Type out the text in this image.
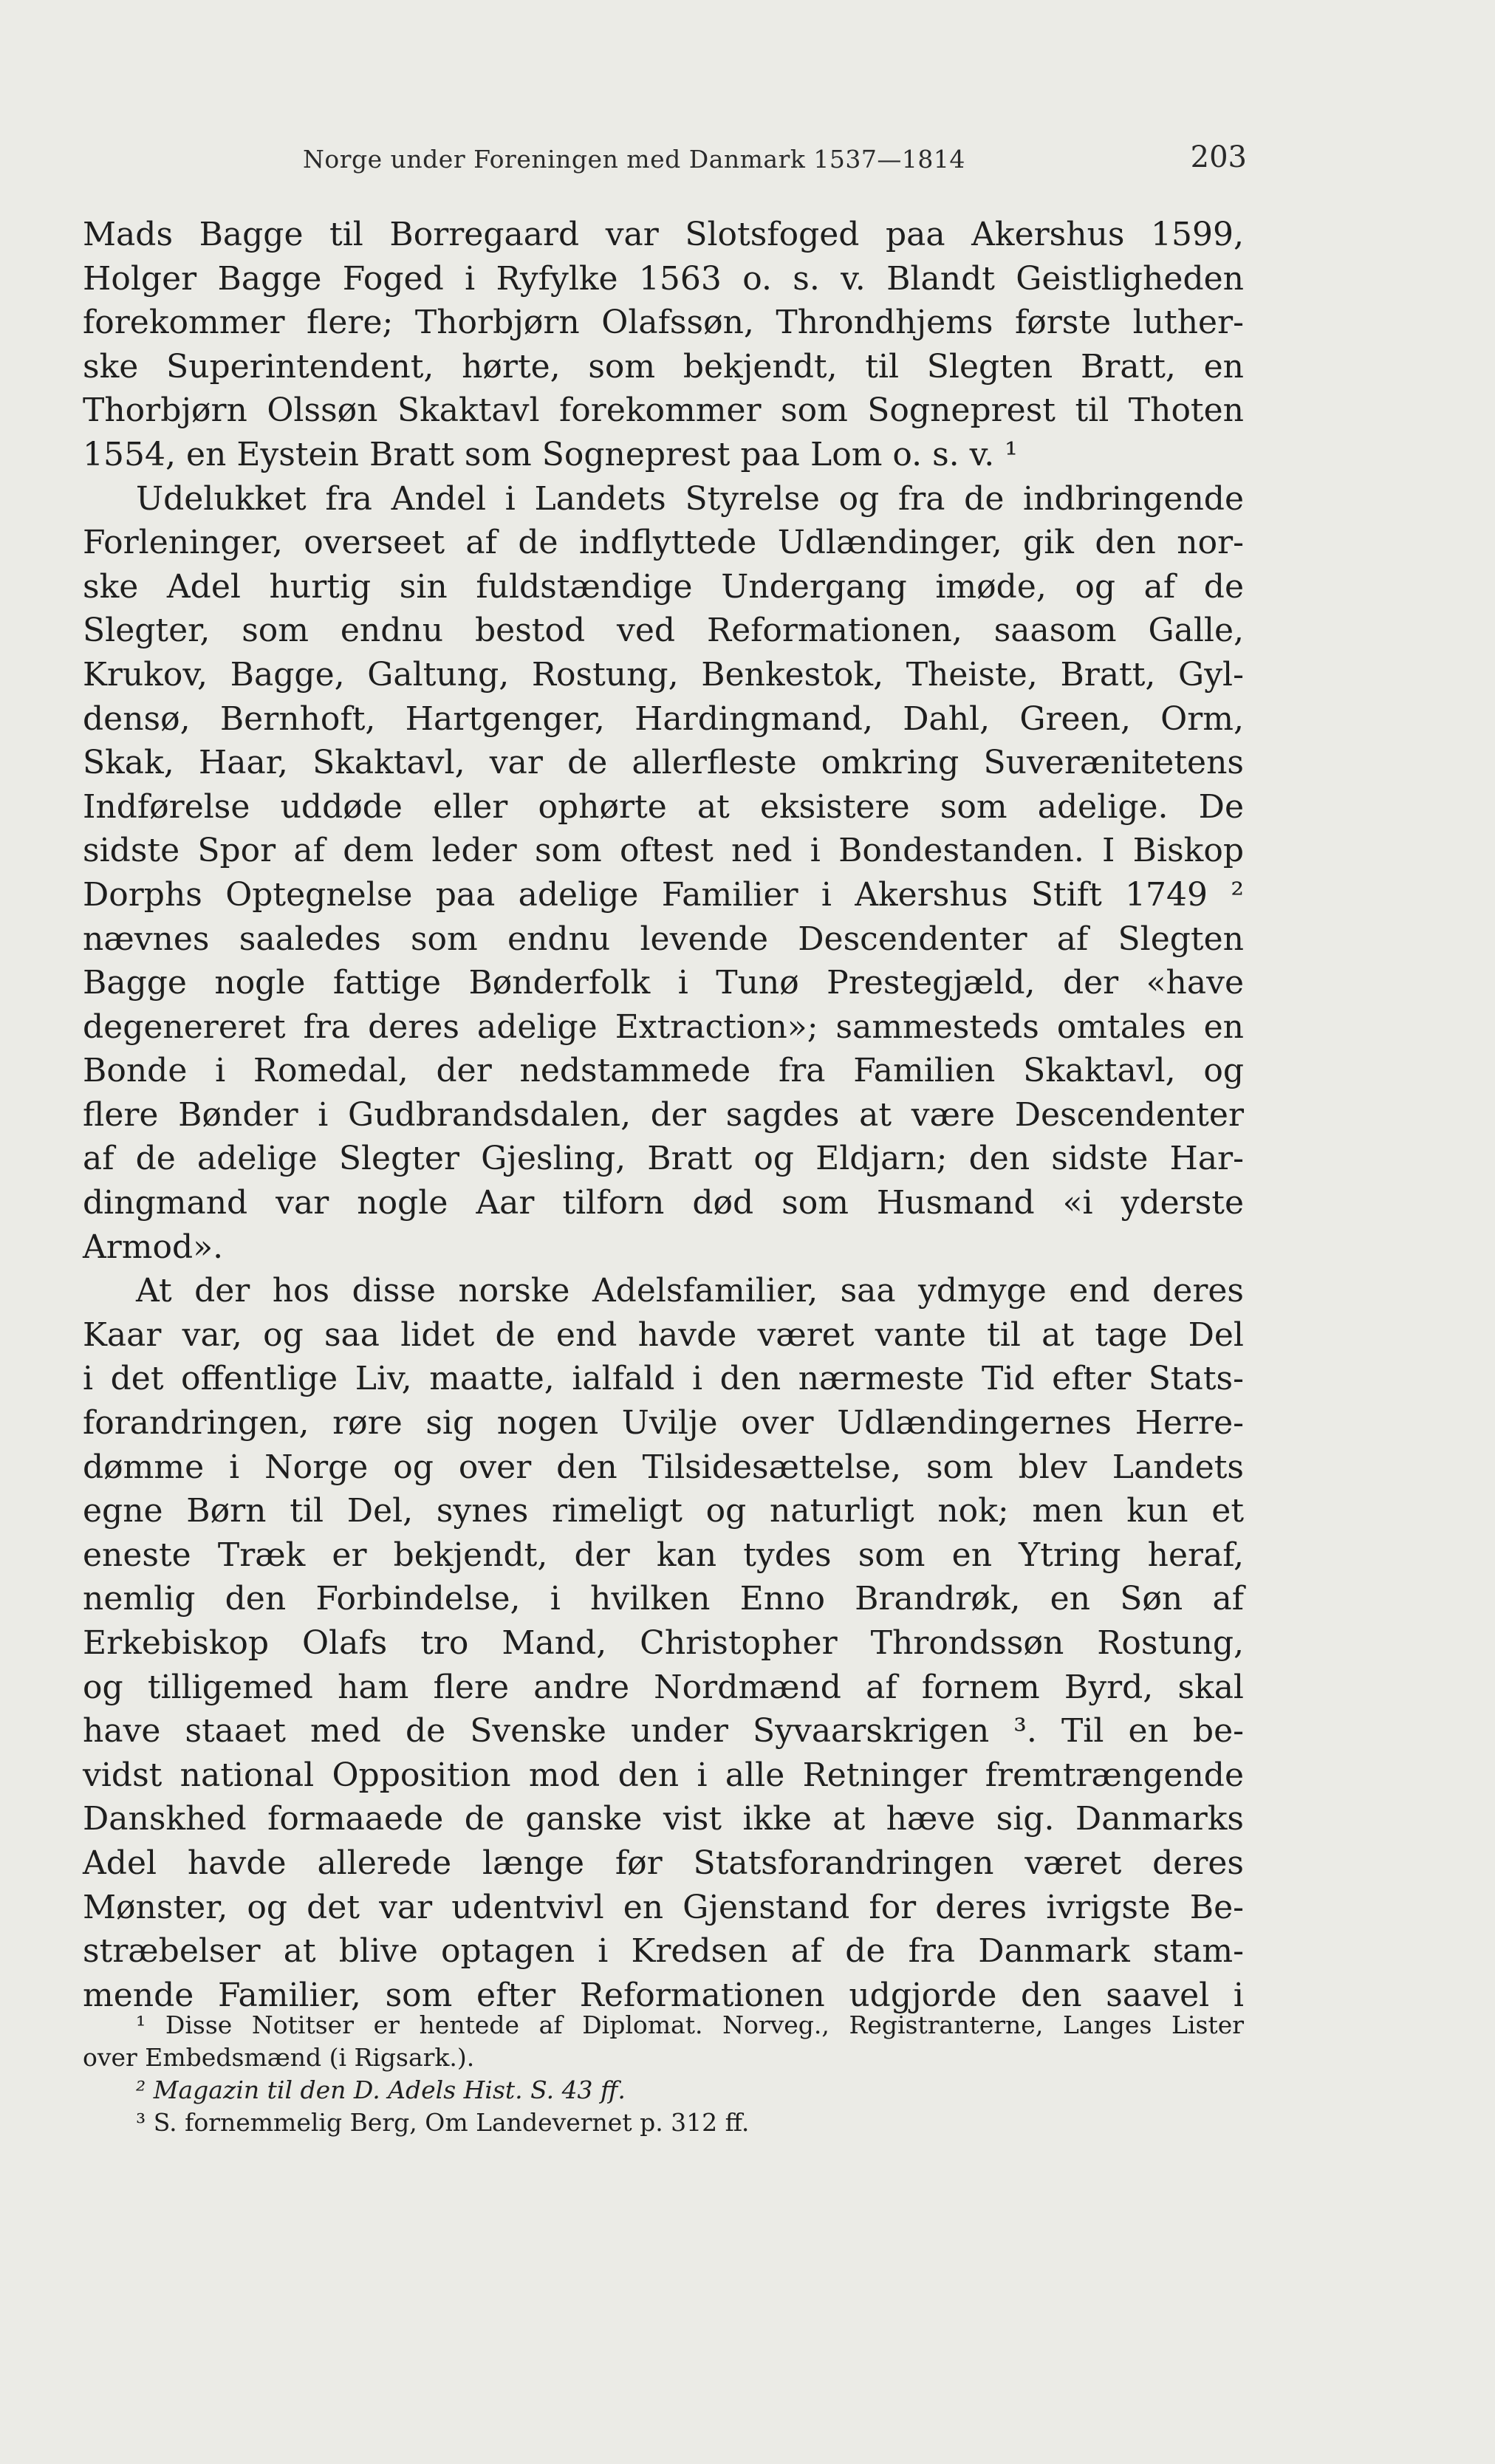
Norge under Foreningen med Danmark 1537—1814	203
Mads Bagge til Borregaard var Slotsfoged paa Akershus 1599,
Holger Bagge Foged i Ryfylke 1563 o. s. v. Blandt Geistligheden
forekommer flere; Thorbjørn Olafssøn, Throndhjems første luther-
ske Superintendent, hørte, som bekjendt, til Slegten Bratt, en
Thorbjørn Olssøn Skaktavl forekommer som Sogneprest til Thoten
1554, en Eystein Bratt som Sogneprest paa Lom o. s. v. ¹
Udelukket fra Andel i Landets Styrelse og fra de indbringende
Forleninger, overseet af de indflyttede Udlændinger, gik den nor-
ske Adel hurtig sin fuldstændige Undergang imøde, og af de
Slegter, som endnu bestod ved Reformationen, saasom Galle,
Krukov, Bagge, Galtung, Rostung, Benkestok, Theiste, Bratt, Gyl-
densø, Bernhoft, Hartgenger, Hardingmand, Dahl, Green, Orm,
Skak, Haar, Skaktavl, var de allerfleste omkring Suverænitetens
Indførelse uddøde eller ophørte at eksistere som adelige. De
sidste Spor af dem leder som oftest ned i Bondestanden. I Biskop
Dorphs Optegnelse paa adelige Familier i Akershus Stift 1749 ²
nævnes saaledes som endnu levende Descendenter af Slegten
Bagge nogle fattige Bønderfolk i Tunø Prestegjæld, der «have
degenereret fra deres adelige Extraction»; sammesteds omtales en
Bonde i Romedal, der nedstammede fra Familien Skaktavl, og
flere Bønder i Gudbrandsdalen, der sagdes at være Descendenter
af de adelige Slegter Gjesling, Bratt og Eldjarn; den sidste Har-
dingmand var nogle Aar tilforn død som Husmand «i yderste
Armod».
At der hos disse norske Adelsfamilier, saa ydmyge end deres
Kaar var, og saa lidet de end havde været vante til at tage Del
i det offentlige Liv, maatte, ialfald i den nærmeste Tid efter Stats-
forandringen, røre sig nogen Uvilje over Udlændingernes Herre-
dømme i Norge og over den Tilsidesættelse, som blev Landets
egne Børn til Del, synes rimeligt og naturligt nok; men kun et
eneste Træk er bekjendt, der kan tydes som en Ytring heraf,
nemlig den Forbindelse, i hvilken Enno Brandrøk, en Søn af
Erkebiskop Olafs tro Mand, Christopher Throndssøn Rostung,
og tilligemed ham flere andre Nordmænd af fornem Byrd, skal
have staaet med de Svenske under Syvaarskrigen ³. Til en be-
vidst national Opposition mod den i alle Retninger fremtrængende
Danskhed formaaede de ganske vist ikke at hæve sig. Danmarks
Adel havde allerede længe før Statsforandringen været deres
Mønster, og det var udentvivl en Gjenstand for deres ivrigste Be-
stræbelser at blive optagen i Kredsen af de fra Danmark stam-
mende Familier, som efter Reformationen udgjorde den saavel i
¹ Disse Notitser er hentede af Diplomat. Norveg., Registranterne, Langes Lister
over Embedsmænd (i Rigsark.).
² Magazin til den D. Adels Hist. S. 43 ff.
³ S. fornemmelig Berg, Om Landevernet p. 312 ff.
